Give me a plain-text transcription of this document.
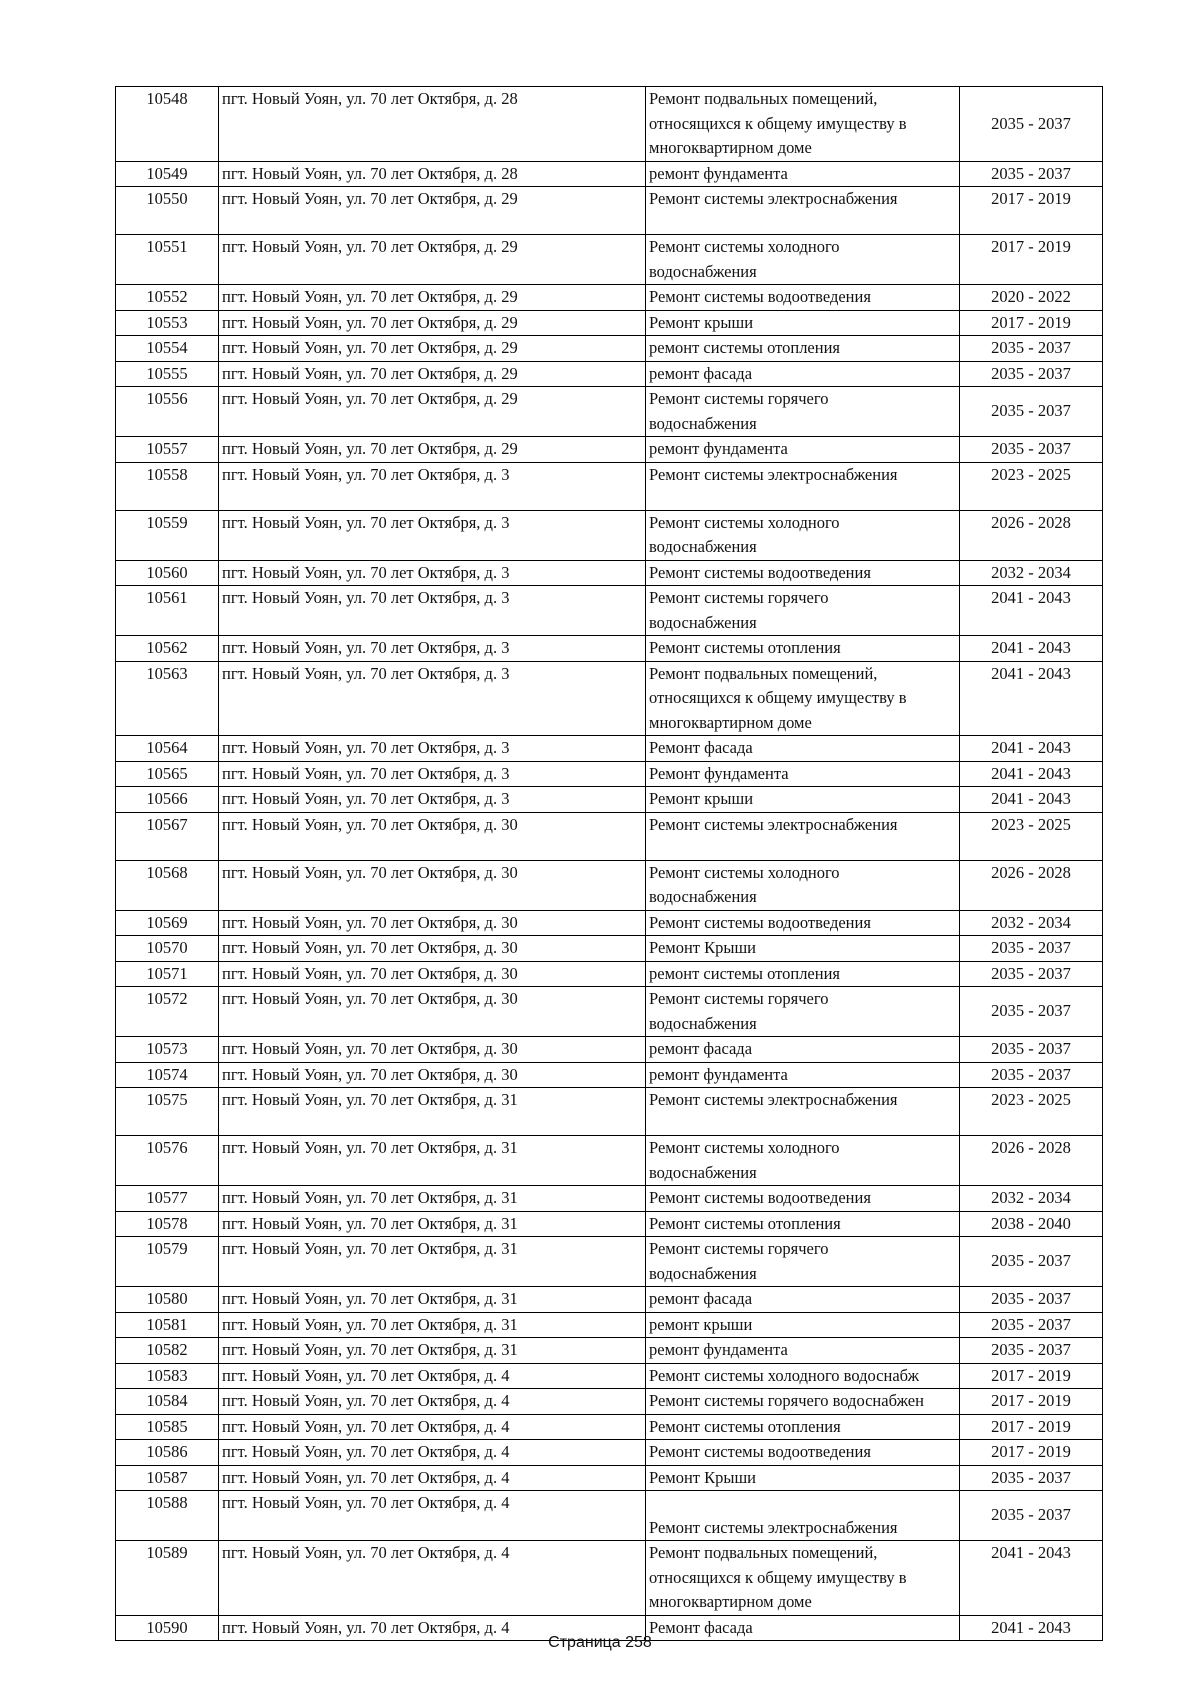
10548	пгт. Новый Уоян, ул. 70 лет Октября, д. 28	Ремонт подвальных помещений,
относящихся к общему имуществу в
многоквартирном доме	2035 - 2037
10549	пгт. Новый Уоян, ул. 70 лет Октября, д. 28	ремонт фундамента	2035 - 2037
10550	пгт. Новый Уоян, ул. 70 лет Октября, д. 29	Ремонт системы электроснабжения	2017 - 2019
10551	пгт. Новый Уоян, ул. 70 лет Октября, д. 29	Ремонт системы холодного
водоснабжения	2017 - 2019
10552	пгт. Новый Уоян, ул. 70 лет Октября, д. 29	Ремонт системы водоотведения	2020 - 2022
10553	пгт. Новый Уоян, ул. 70 лет Октября, д. 29	Ремонт крыши	2017 - 2019
10554	пгт. Новый Уоян, ул. 70 лет Октября, д. 29	ремонт системы отопления	2035 - 2037
10555	пгт. Новый Уоян, ул. 70 лет Октября, д. 29	ремонт фасада	2035 - 2037
10556	пгт. Новый Уоян, ул. 70 лет Октября, д. 29	Ремонт системы горячего
водоснабжения	2035 - 2037
10557	пгт. Новый Уоян, ул. 70 лет Октября, д. 29	ремонт фундамента	2035 - 2037
10558	пгт. Новый Уоян, ул. 70 лет Октября, д. 3	Ремонт системы электроснабжения	2023 - 2025
10559	пгт. Новый Уоян, ул. 70 лет Октября, д. 3	Ремонт системы холодного
водоснабжения	2026 - 2028
10560	пгт. Новый Уоян, ул. 70 лет Октября, д. 3	Ремонт системы водоотведения	2032 - 2034
10561	пгт. Новый Уоян, ул. 70 лет Октября, д. 3	Ремонт системы горячего
водоснабжения	2041 - 2043
10562	пгт. Новый Уоян, ул. 70 лет Октября, д. 3	Ремонт системы отопления	2041 - 2043
10563	пгт. Новый Уоян, ул. 70 лет Октября, д. 3	Ремонт подвальных помещений,
относящихся к общему имуществу в
многоквартирном доме	2041 - 2043
10564	пгт. Новый Уоян, ул. 70 лет Октября, д. 3	Ремонт фасада	2041 - 2043
10565	пгт. Новый Уоян, ул. 70 лет Октября, д. 3	Ремонт фундамента	2041 - 2043
10566	пгт. Новый Уоян, ул. 70 лет Октября, д. 3	Ремонт крыши	2041 - 2043
10567	пгт. Новый Уоян, ул. 70 лет Октября, д. 30	Ремонт системы электроснабжения	2023 - 2025
10568	пгт. Новый Уоян, ул. 70 лет Октября, д. 30	Ремонт системы холодного
водоснабжения	2026 - 2028
10569	пгт. Новый Уоян, ул. 70 лет Октября, д. 30	Ремонт системы водоотведения	2032 - 2034
10570	пгт. Новый Уоян, ул. 70 лет Октября, д. 30	Ремонт Крыши	2035 - 2037
10571	пгт. Новый Уоян, ул. 70 лет Октября, д. 30	ремонт системы отопления	2035 - 2037
10572	пгт. Новый Уоян, ул. 70 лет Октября, д. 30	Ремонт системы горячего
водоснабжения	2035 - 2037
10573	пгт. Новый Уоян, ул. 70 лет Октября, д. 30	ремонт фасада	2035 - 2037
10574	пгт. Новый Уоян, ул. 70 лет Октября, д. 30	ремонт фундамента	2035 - 2037
10575	пгт. Новый Уоян, ул. 70 лет Октября, д. 31	Ремонт системы электроснабжения	2023 - 2025
10576	пгт. Новый Уоян, ул. 70 лет Октября, д. 31	Ремонт системы холодного
водоснабжения	2026 - 2028
10577	пгт. Новый Уоян, ул. 70 лет Октября, д. 31	Ремонт системы водоотведения	2032 - 2034
10578	пгт. Новый Уоян, ул. 70 лет Октября, д. 31	Ремонт системы отопления	2038 - 2040
10579	пгт. Новый Уоян, ул. 70 лет Октября, д. 31	Ремонт системы горячего
водоснабжения	2035 - 2037
10580	пгт. Новый Уоян, ул. 70 лет Октября, д. 31	ремонт фасада	2035 - 2037
10581	пгт. Новый Уоян, ул. 70 лет Октября, д. 31	ремонт крыши	2035 - 2037
10582	пгт. Новый Уоян, ул. 70 лет Октября, д. 31	ремонт фундамента	2035 - 2037
10583	пгт. Новый Уоян, ул. 70 лет Октября, д. 4	Ремонт системы холодного водоснабж	2017 - 2019
10584	пгт. Новый Уоян, ул. 70 лет Октября, д. 4	Ремонт системы горячего водоснабжен	2017 - 2019
10585	пгт. Новый Уоян, ул. 70 лет Октября, д. 4	Ремонт системы отопления	2017 - 2019
10586	пгт. Новый Уоян, ул. 70 лет Октября, д. 4	Ремонт системы водоотведения	2017 - 2019
10587	пгт. Новый Уоян, ул. 70 лет Октября, д. 4	Ремонт Крыши	2035 - 2037
10588	пгт. Новый Уоян, ул. 70 лет Октября, д. 4	
Ремонт системы электроснабжения	2035 - 2037
10589	пгт. Новый Уоян, ул. 70 лет Октября, д. 4	Ремонт подвальных помещений,
относящихся к общему имуществу в
многоквартирном доме	2041 - 2043
10590	пгт. Новый Уоян, ул. 70 лет Октября, д. 4	Ремонт фасада	2041 - 2043
Страница 258
